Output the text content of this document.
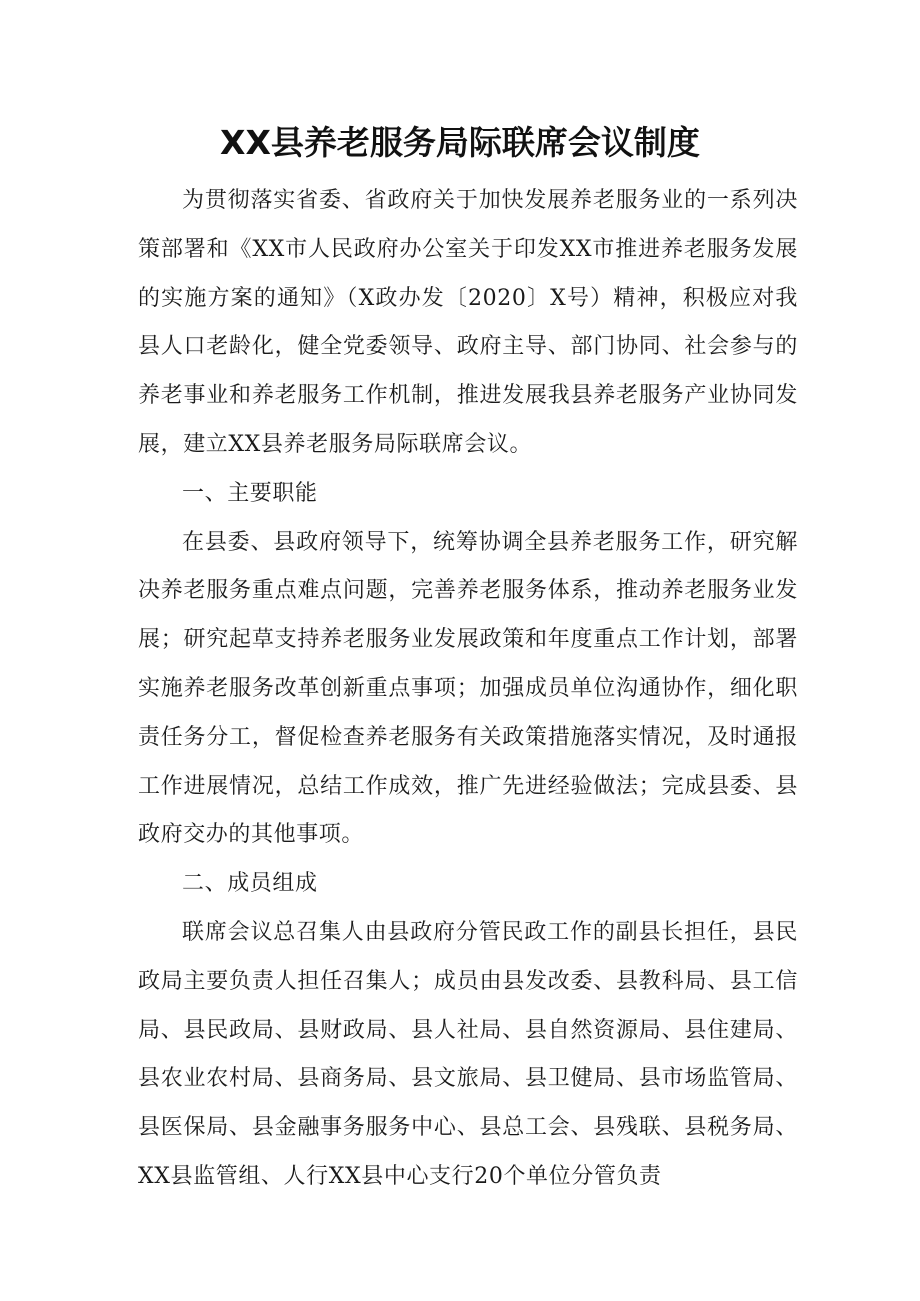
XX县养老服务局际联席会议制度

为贯彻落实省委、省政府关于加快发展养老服务业的一系列决策部署和《XX市人民政府办公室关于印发XX市推进养老服务发展的实施方案的通知》（X政办发〔2020〕X号）精神，积极应对我县人口老龄化，健全党委领导、政府主导、部门协同、社会参与的养老事业和养老服务工作机制，推进发展我县养老服务产业协同发展，建立XX县养老服务局际联席会议。

一、主要职能

在县委、县政府领导下，统筹协调全县养老服务工作，研究解决养老服务重点难点问题，完善养老服务体系，推动养老服务业发展；研究起草支持养老服务业发展政策和年度重点工作计划，部署实施养老服务改革创新重点事项；加强成员单位沟通协作，细化职责任务分工，督促检查养老服务有关政策措施落实情况，及时通报工作进展情况，总结工作成效，推广先进经验做法；完成县委、县政府交办的其他事项。

二、成员组成

联席会议总召集人由县政府分管民政工作的副县长担任，县民政局主要负责人担任召集人；成员由县发改委、县教科局、县工信局、县民政局、县财政局、县人社局、县自然资源局、县住建局、县农业农村局、县商务局、县文旅局、县卫健局、县市场监管局、县医保局、县金融事务服务中心、县总工会、县残联、县税务局、XX县监管组、人行XX县中心支行20个单位分管负责
